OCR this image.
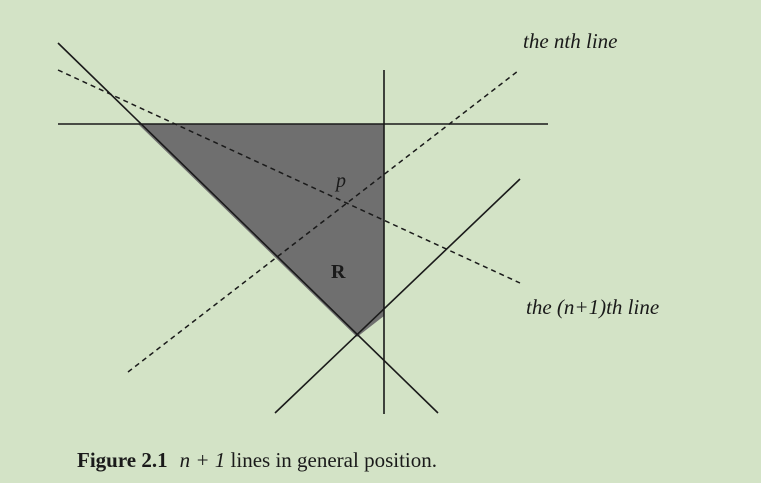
the nth line
the (n+1)th line
p
R
Figure 2.1 n + 1 lines in general position.
